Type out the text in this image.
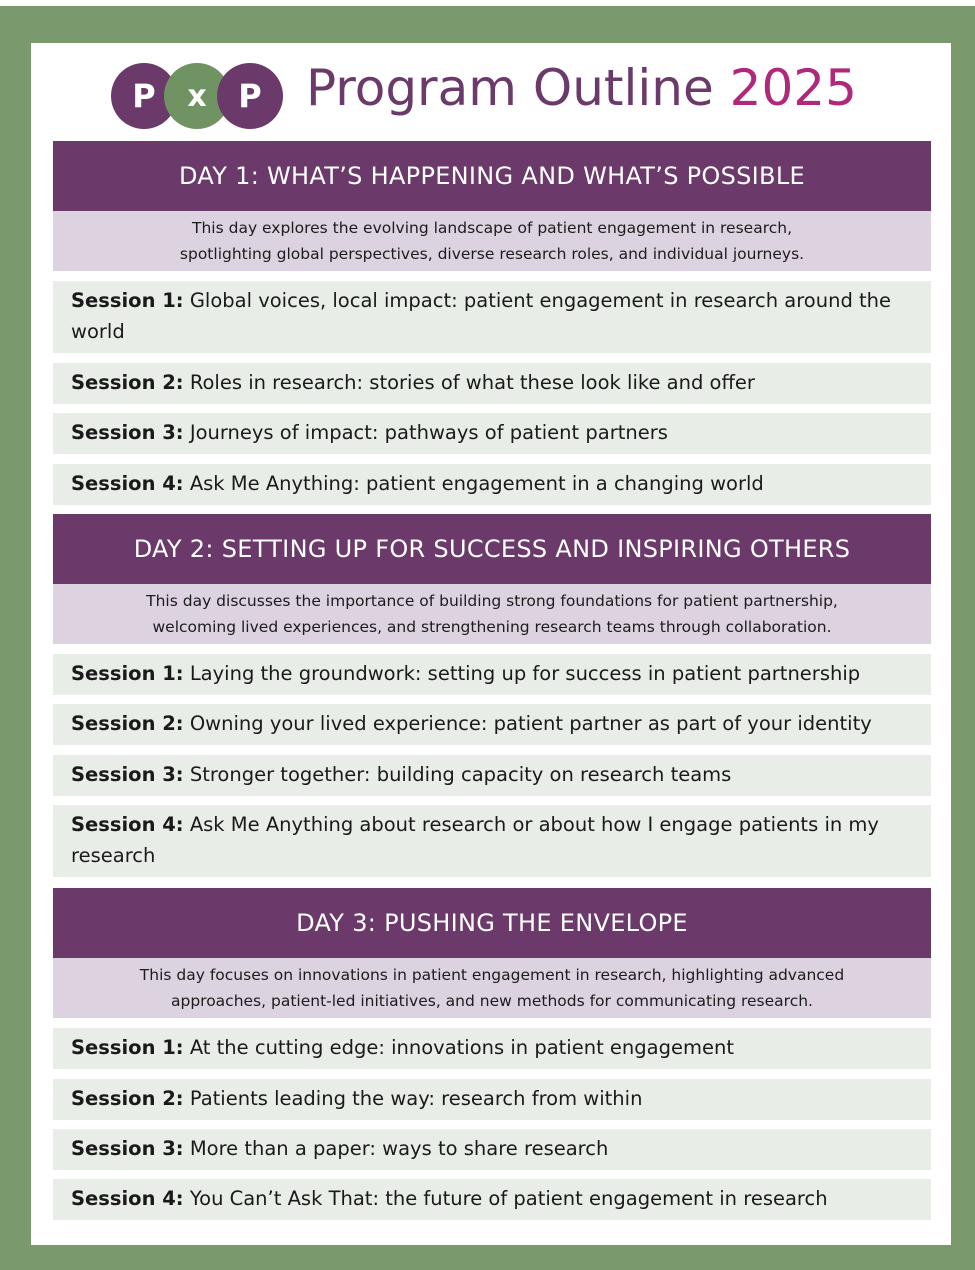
P	x P Program Outline 2025
DAY 1: WHAT’S HAPPENING AND WHAT’S POSSIBLE
This day explores the evolving landscape of patient engagement in research,
spotlighting global perspectives, diverse research roles, and individual journeys.
Session 1: Global voices, local impact: patient engagement in research around the world
Session 2: Roles in research: stories of what these look like and offer
Session 3: Journeys of impact: pathways of patient partners
Session 4: Ask Me Anything: patient engagement in a changing world
DAY 2: SETTING UP FOR SUCCESS AND INSPIRING OTHERS
This day discusses the importance of building strong foundations for patient partnership,
welcoming lived experiences, and strengthening research teams through collaboration.
Session 1: Laying the groundwork: setting up for success in patient partnership
Session 2: Owning your lived experience: patient partner as part of your identity
Session 3: Stronger together: building capacity on research teams
Session 4: Ask Me Anything about research or about how I engage patients in my research
DAY 3: PUSHING THE ENVELOPE
This day focuses on innovations in patient engagement in research, highlighting advanced
approaches, patient-led initiatives, and new methods for communicating research.
Session 1: At the cutting edge: innovations in patient engagement
Session 2: Patients leading the way: research from within
Session 3: More than a paper: ways to share research
Session 4: You Can’t Ask That: the future of patient engagement in research
